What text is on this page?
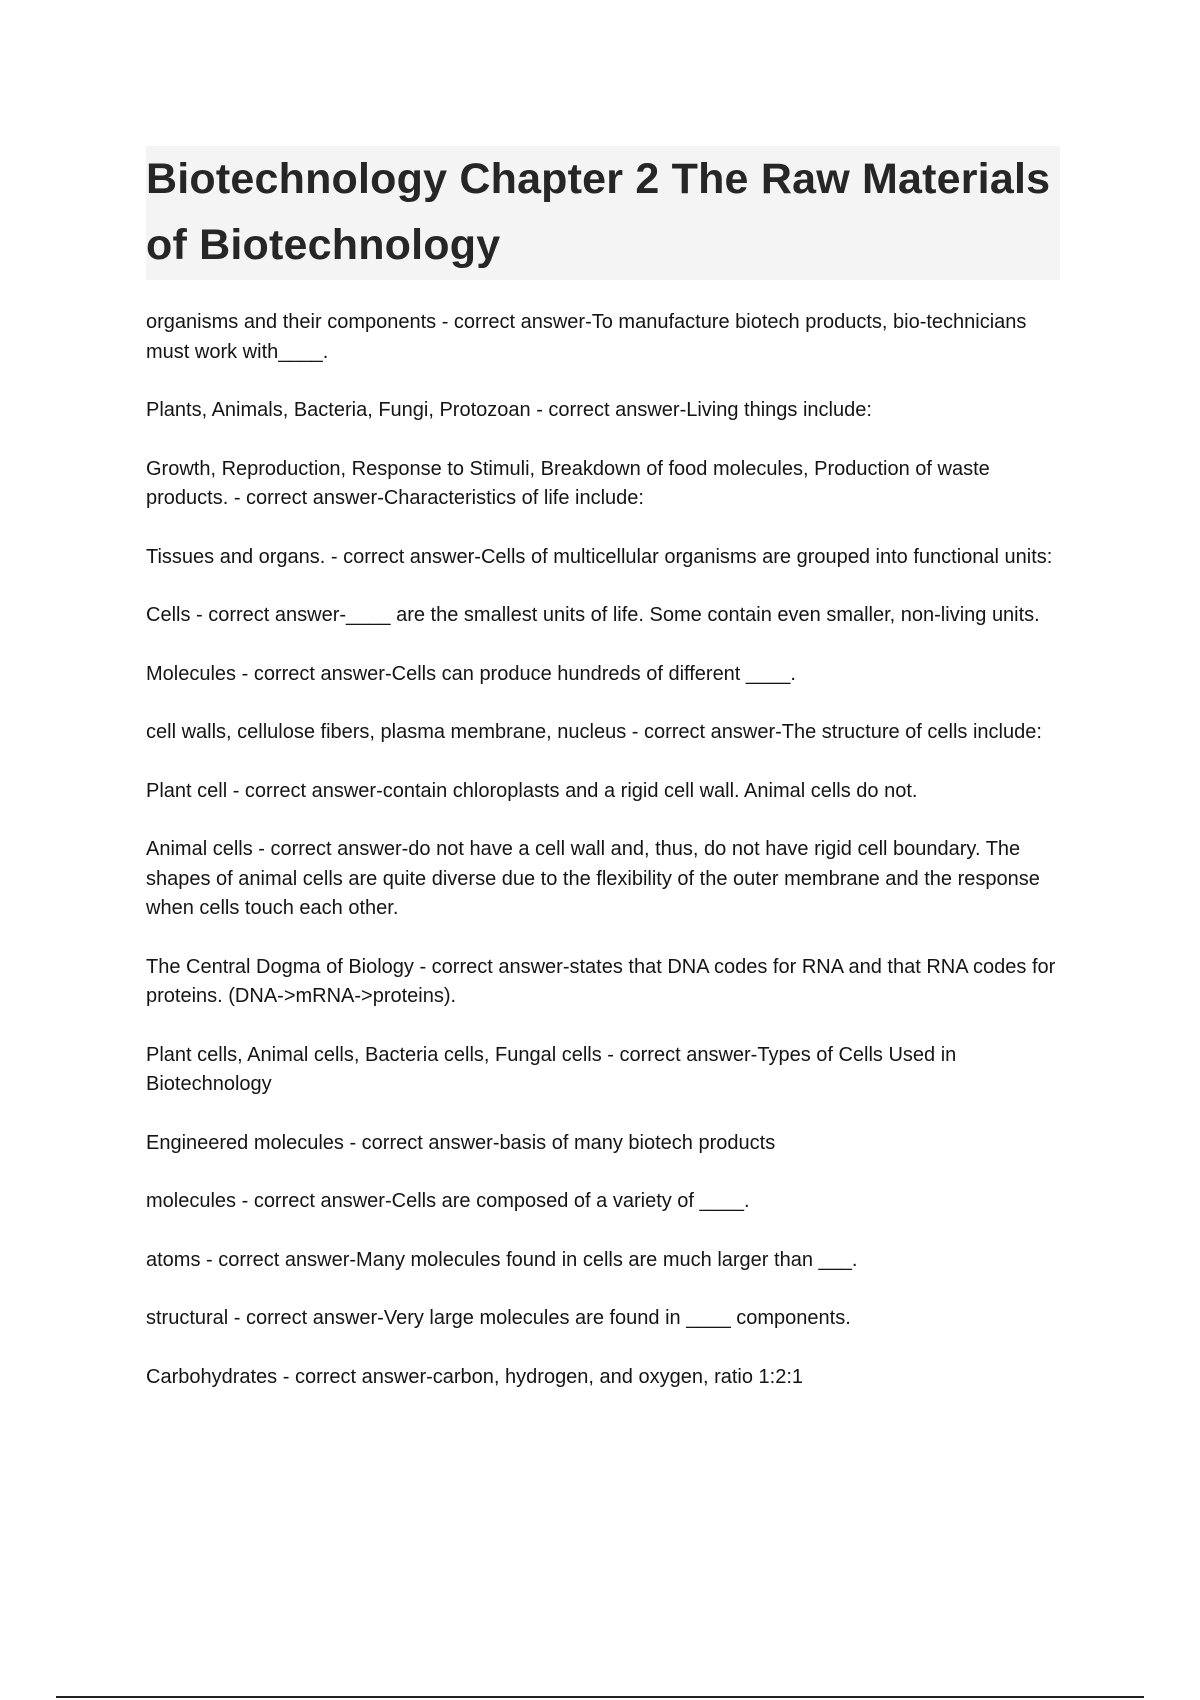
Biotechnology Chapter 2 The Raw Materials of Biotechnology

organisms and their components - correct answer-To manufacture biotech products, bio-technicians must work with____.

Plants, Animals, Bacteria, Fungi, Protozoan - correct answer-Living things include:

Growth, Reproduction, Response to Stimuli, Breakdown of food molecules, Production of waste products. - correct answer-Characteristics of life include:

Tissues and organs. - correct answer-Cells of multicellular organisms are grouped into functional units:

Cells - correct answer-____ are the smallest units of life. Some contain even smaller, non-living units.

Molecules - correct answer-Cells can produce hundreds of different ____.

cell walls, cellulose fibers, plasma membrane, nucleus - correct answer-The structure of cells include:

Plant cell - correct answer-contain chloroplasts and a rigid cell wall. Animal cells do not.

Animal cells - correct answer-do not have a cell wall and, thus, do not have rigid cell boundary. The shapes of animal cells are quite diverse due to the flexibility of the outer membrane and the response when cells touch each other.

The Central Dogma of Biology - correct answer-states that DNA codes for RNA and that RNA codes for proteins. (DNA->mRNA->proteins).

Plant cells, Animal cells, Bacteria cells, Fungal cells - correct answer-Types of Cells Used in Biotechnology

Engineered molecules - correct answer-basis of many biotech products

molecules - correct answer-Cells are composed of a variety of ____.

atoms - correct answer-Many molecules found in cells are much larger than ___.

structural - correct answer-Very large molecules are found in ____ components.

Carbohydrates - correct answer-carbon, hydrogen, and oxygen, ratio 1:2:1
